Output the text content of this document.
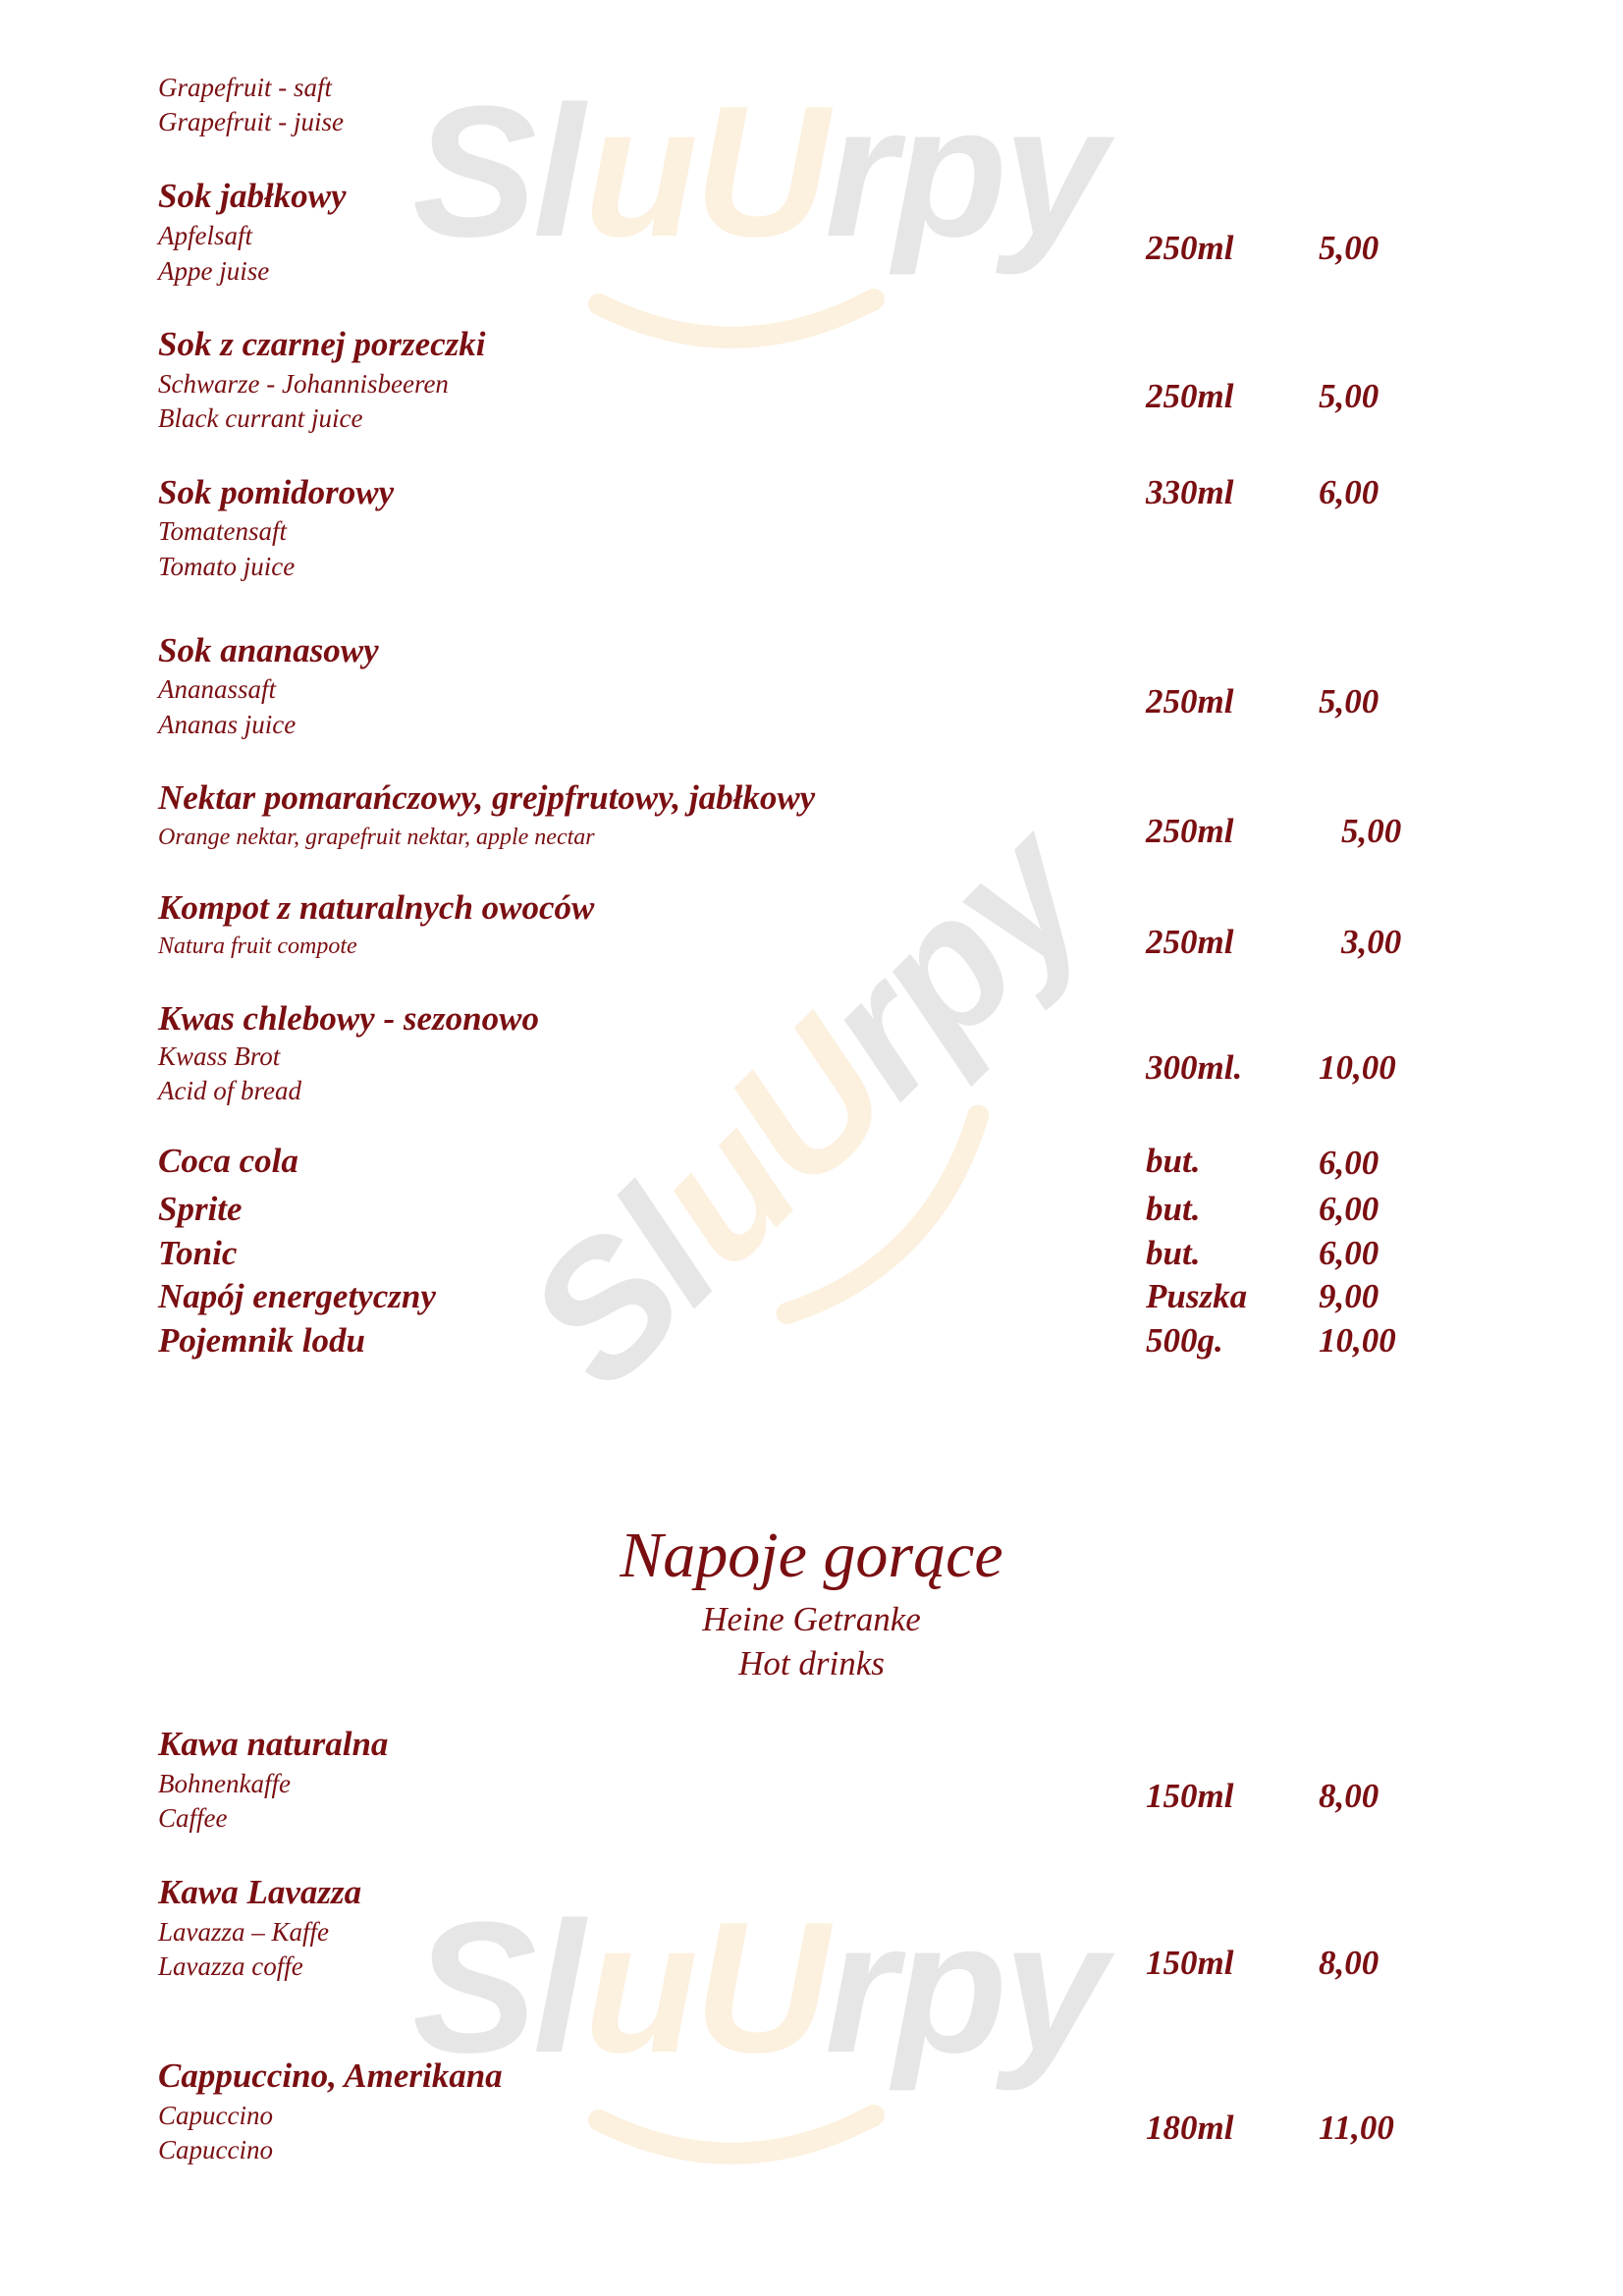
Sl uU rpy
Sl
uU
rpy
Sl uU rpy
Grapefruit - saft
Grapefruit - juise
Sok jabłkowy
Apfelsaft
Appe juise
250ml 5,00
Sok z czarnej porzeczki
Schwarze - Johannisbeeren
Black currant juice
250ml 5,00
Sok pomidorowy
Tomatensaft
Tomato juice
330ml 6,00
Sok ananasowy
Ananassaft
Ananas juice
250ml 5,00
Nektar pomarańczowy, grejpfrutowy, jabłkowy
Orange nektar, grapefruit nektar, apple nectar	250ml	5,00
Kompot z naturalnych owoców
Natura fruit compote	250ml	3,00
Kwas chlebowy - sezonowo
Kwass Brot
Acid of bread
300ml. 10,00
Coca cola	but.	6,00
Sprite	but.	6,00
Tonic	but.	6,00
Napój energetyczny	Puszka 9,00
Pojemnik lodu	500g.	10,00
Napoje gorące
Heine Getranke
Hot drinks
Kawa naturalna
Bohnenkaffe
Caffee
150ml 8,00
Kawa Lavazza
Lavazza – Kaffe
Lavazza coffe	150ml 8,00
Cappuccino, Amerikana
Capuccino
Capuccino
180ml 11,00
